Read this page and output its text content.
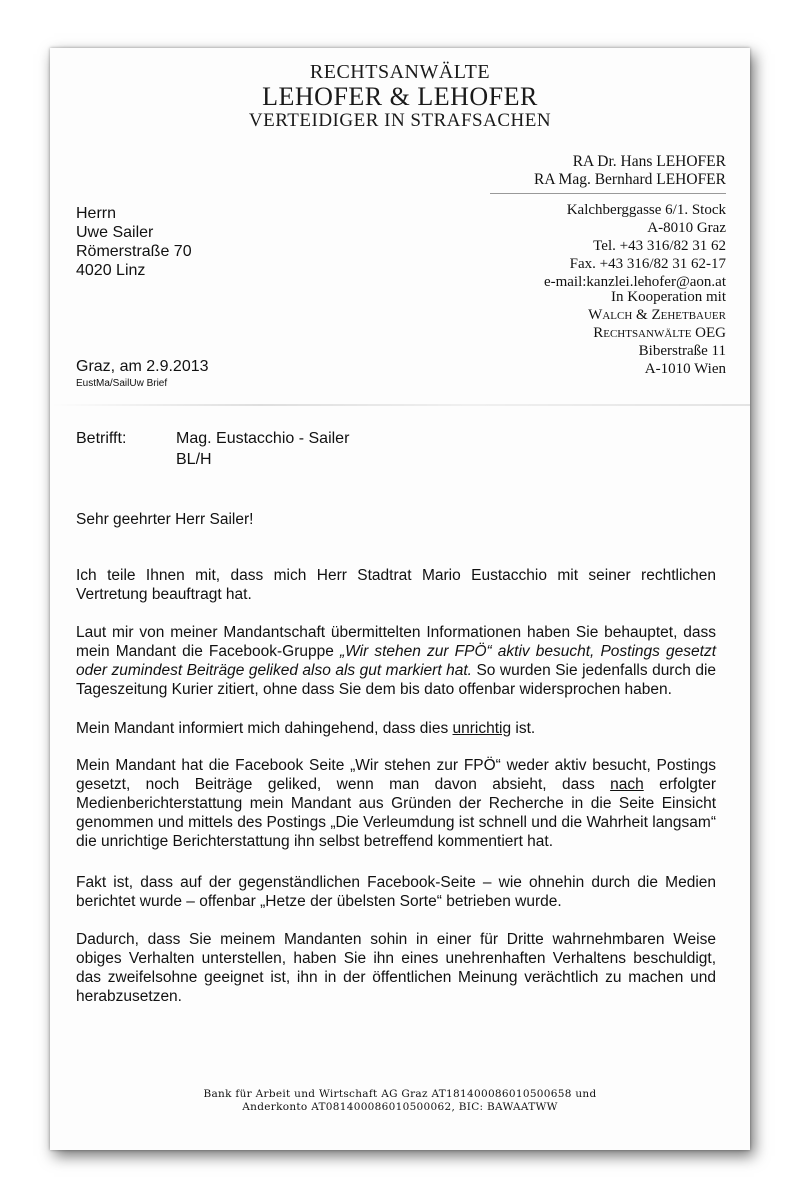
RECHTSANWÄLTE
LEHOFER & LEHOFER
VERTEIDIGER IN STRAFSACHEN
RA Dr. Hans LEHOFER
RA Mag. Bernhard LEHOFER
Kalchberggasse 6/1. Stock
A-8010 Graz
Tel. +43 316/82 31 62
Fax. +43 316/82 31 62-17
e-mail:kanzlei.lehofer@aon.at
In Kooperation mit
Walch & Zehetbauer
Rechtsanwälte OEG
Biberstraße 11
A-1010 Wien
Herrn
Uwe Sailer
Römerstraße 70
4020 Linz
Graz, am 2.9.2013
EustMa/SailUw Brief
Betrifft:	Mag. Eustacchio - Sailer
BL/H

Sehr geehrter Herr Sailer!

Ich teile Ihnen mit, dass mich Herr Stadtrat Mario Eustacchio mit seiner rechtlichen Vertretung beauftragt hat.

Laut mir von meiner Mandantschaft übermittelten Informationen haben Sie behauptet, dass mein Mandant die Facebook-Gruppe „Wir stehen zur FPÖ“ aktiv besucht, Postings gesetzt oder zumindest Beiträge geliked also als gut markiert hat. So wurden Sie jedenfalls durch die Tageszeitung Kurier zitiert, ohne dass Sie dem bis dato offenbar widersprochen haben.

Mein Mandant informiert mich dahingehend, dass dies unrichtig ist.

Mein Mandant hat die Facebook Seite „Wir stehen zur FPÖ“ weder aktiv besucht, Postings gesetzt, noch Beiträge geliked, wenn man davon absieht, dass nach erfolgter Medienberichterstattung mein Mandant aus Gründen der Recherche in die Seite Einsicht genommen und mittels des Postings „Die Verleumdung ist schnell und die Wahrheit langsam“ die unrichtige Berichterstattung ihn selbst betreffend kommentiert hat.

Fakt ist, dass auf der gegenständlichen Facebook-Seite – wie ohnehin durch die Medien berichtet wurde – offenbar „Hetze der übelsten Sorte“ betrieben wurde.

Dadurch, dass Sie meinem Mandanten sohin in einer für Dritte wahrnehmbaren Weise obiges Verhalten unterstellen, haben Sie ihn eines unehrenhaften Verhaltens beschuldigt, das zweifelsohne geeignet ist, ihn in der öffentlichen Meinung verächtlich zu machen und herabzusetzen.

Bank für Arbeit und Wirtschaft AG Graz AT181400086010500658 und
Anderkonto AT081400086010500062, BIC: BAWAATWW
